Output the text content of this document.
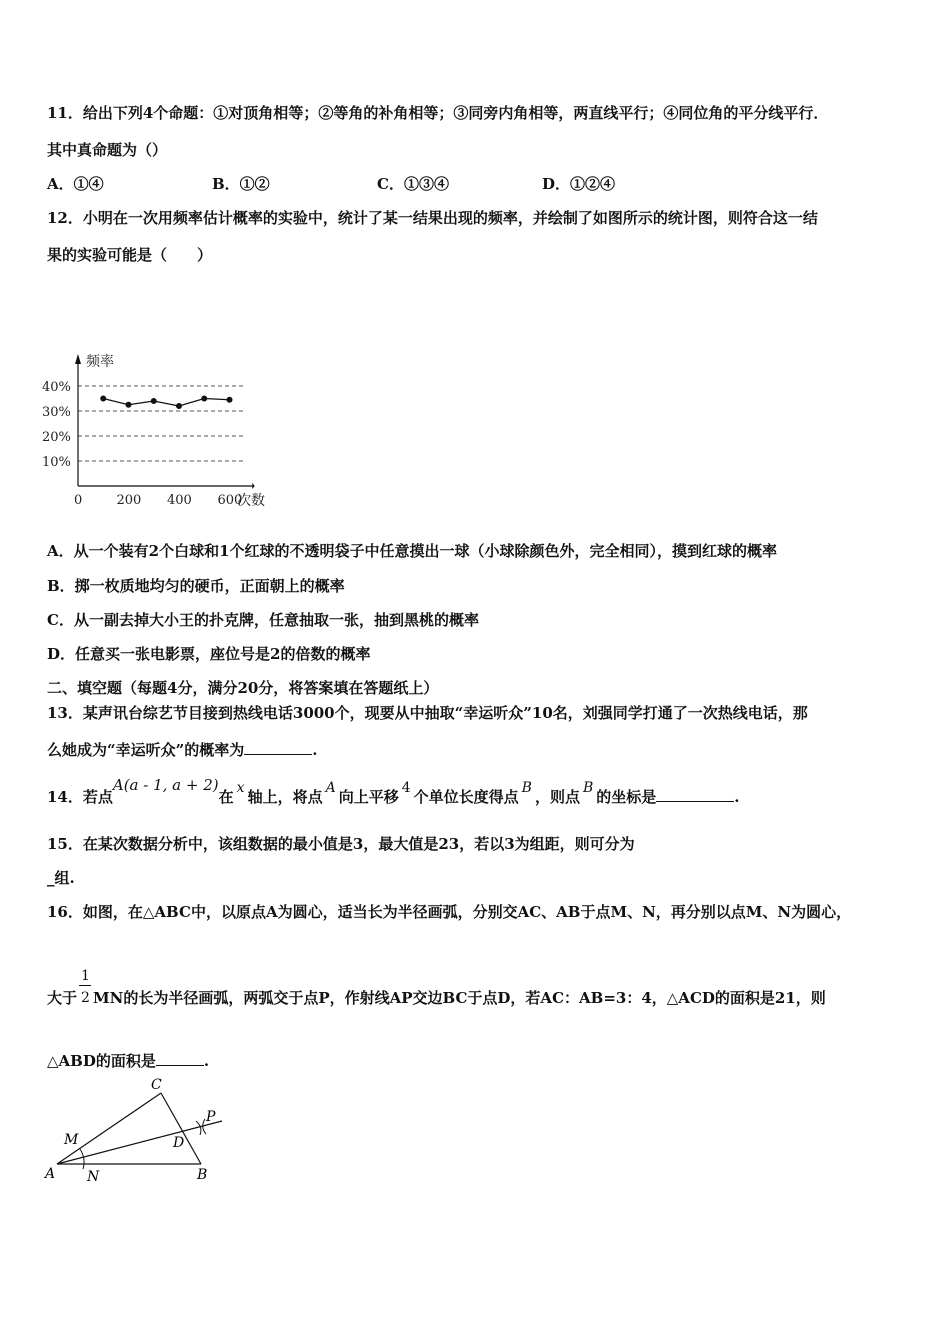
11．给出下列4个命题：①对顶角相等；②等角的补角相等；③同旁内角相等，两直线平行；④同位角的平分线平行．
其中真命题为（）
A．①④	B．①②	C．①③④	D．①②④
12．小明在一次用频率估计概率的实验中，统计了某一结果出现的频率，并绘制了如图所示的统计图，则符合这一结
果的实验可能是（　　）
10%
20%
30%
40%
0	200 400 600
次数
频率
A．从一个装有2个白球和1个红球的不透明袋子中任意摸出一球（小球除颜色外，完全相同），摸到红球的概率
B．掷一枚质地均匀的硬币，正面朝上的概率
C．从一副去掉大小王的扑克牌，任意抽取一张，抽到黑桃的概率
D．任意买一张电影票，座位号是2的倍数的概率
二、填空题（每题4分，满分20分，将答案填在答题纸上）
13．某声讯台综艺节目接到热线电话3000个，现要从中抽取“幸运听众”10名，刘强同学打通了一次热线电话，那
么她成为“幸运听众”的概率为	.
14．若点A(a - 1, a + 2)在 x 轴上，将点 A 向上平移 4 个单位长度得点 B ，则点 B 的坐标是	.
15．在某次数据分析中，该组数据的最小值是3，最大值是23，若以3为组距，则可分为
_组.
16．如图，在△ABC中，以原点A为圆心，适当长为半径画弧，分别交AC、AB于点M、N，再分别以点M、N为圆心，
大于 $\frac{1}{2}$ MN的长为半径画弧，两弧交于点P，作射线AP交边BC于点D，若AC：AB=3：4，△ACD的面积是21，则
△ABD的面积是	.
C
D
P
M
A N	B
